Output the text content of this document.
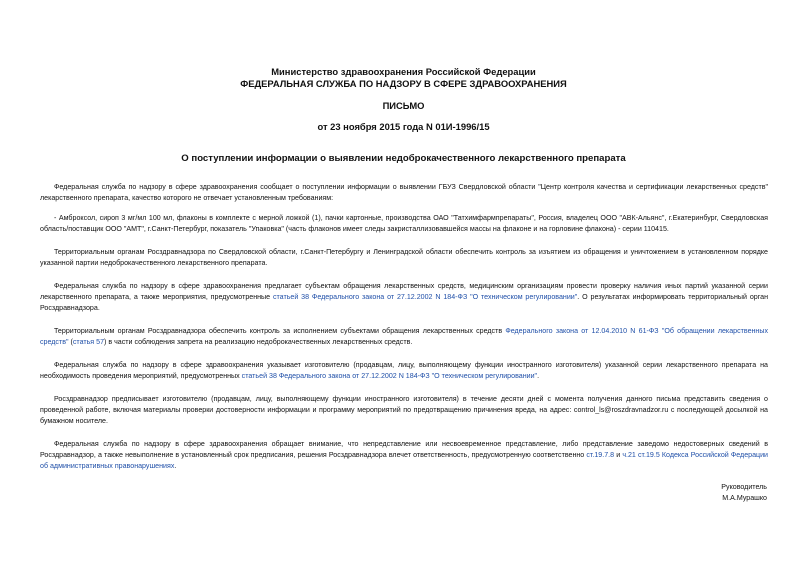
Министерство здравоохранения Российской Федерации
ФЕДЕРАЛЬНАЯ СЛУЖБА ПО НАДЗОРУ В СФЕРЕ ЗДРАВООХРАНЕНИЯ
ПИСЬМО
от 23 ноября 2015 года N 01И-1996/15
О поступлении информации о выявлении недоброкачественного лекарственного препарата

Федеральная служба по надзору в сфере здравоохранения сообщает о поступлении информации о выявлении ГБУЗ Свердловской области "Центр контроля качества и сертификации лекарственных средств" лекарственного препарата, качество которого не отвечает установленным требованиям:

- Амброксол, сироп 3 мг/мл 100 мл, флаконы в комплекте с мерной ложкой (1), пачки картонные, производства ОАО "Татхимфармпрепараты", Россия, владелец ООО "АВК-Альянс", г.Екатеринбург, Свердловская область/поставщик ООО "АМТ", г.Санкт-Петербург, показатель "Упаковка" (часть флаконов имеет следы закристаллизовавшейся массы на флаконе и на горловине флакона) - серии 110415.

Территориальным органам Росздравнадзора по Свердловской области, г.Санкт-Петербургу и Ленинградской области обеспечить контроль за изъятием из обращения и уничтожением в установленном порядке указанной партии недоброкачественного лекарственного препарата.

Федеральная служба по надзору в сфере здравоохранения предлагает субъектам обращения лекарственных средств, медицинским организациям провести проверку наличия иных партий указанной серии лекарственного препарата, а также мероприятия, предусмотренные статьей 38 Федерального закона от 27.12.2002 N 184-ФЗ "О техническом регулировании". О результатах информировать территориальный орган Росздравнадзора.

Территориальным органам Росздравнадзора обеспечить контроль за исполнением субъектами обращения лекарственных средств Федерального закона от 12.04.2010 N 61-ФЗ "Об обращении лекарственных средств" (статья 57) в части соблюдения запрета на реализацию недоброкачественных лекарственных средств.

Федеральная служба по надзору в сфере здравоохранения указывает изготовителю (продавцам, лицу, выполняющему функции иностранного изготовителя) указанной серии лекарственного препарата на необходимость проведения мероприятий, предусмотренных статьей 38 Федерального закона от 27.12.2002 N 184-ФЗ "О техническом регулировании".

Росздравнадзор предписывает изготовителю (продавцам, лицу, выполняющему функции иностранного изготовителя) в течение десяти дней с момента получения данного письма представить сведения о проведенной работе, включая материалы проверки достоверности информации и программу мероприятий по предотвращению причинения вреда, на адрес: control_ls@roszdravnadzor.ru с последующей досылкой на бумажном носителе.

Федеральная служба по надзору в сфере здравоохранения обращает внимание, что непредставление или несвоевременное представление, либо представление заведомо недостоверных сведений в Росздравнадзор, а также невыполнение в установленный срок предписания, решения Росздравнадзора влечет ответственность, предусмотренную соответственно ст.19.7.8 и ч.21 ст.19.5 Кодекса Российской Федерации об административных правонарушениях.

Руководитель
М.А.Мурашко
